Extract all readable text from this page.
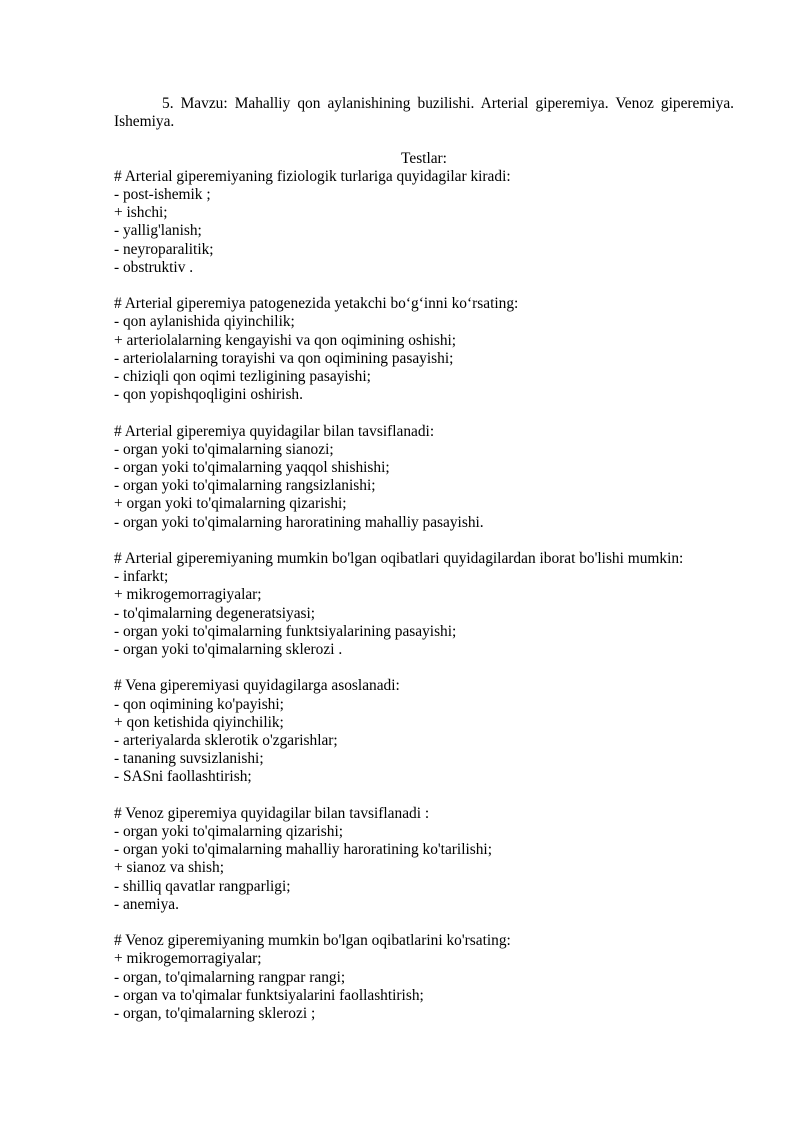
5. Mavzu: Mahalliy qon aylanishining buzilishi. Arterial giperemiya. Venoz giperemiya. Ishemiya.

Testlar:

# Arterial giperemiyaning fiziologik turlariga quyidagilar kiradi:
- post-ishemik ;
+ ishchi;
- yallig'lanish;
- neyroparalitik;
- obstruktiv .
# Arterial giperemiya patogenezida yetakchi bo‘g‘inni ko‘rsating:
- qon aylanishida qiyinchilik;
+ arteriolalarning kengayishi va qon oqimining oshishi;
- arteriolalarning torayishi va qon oqimining pasayishi;
- chiziqli qon oqimi tezligining pasayishi;
- qon yopishqoqligini oshirish.
# Arterial giperemiya quyidagilar bilan tavsiflanadi:
- organ yoki to'qimalarning sianozi;
- organ yoki to'qimalarning yaqqol shishishi;
- organ yoki to'qimalarning rangsizlanishi;
+ organ yoki to'qimalarning qizarishi;
- organ yoki to'qimalarning haroratining mahalliy pasayishi.
# Arterial giperemiyaning mumkin bo'lgan oqibatlari quyidagilardan iborat bo'lishi mumkin:
- infarkt;
+ mikrogemorragiyalar;
- to'qimalarning degeneratsiyasi;
- organ yoki to'qimalarning funktsiyalarining pasayishi;
- organ yoki to'qimalarning sklerozi .
# Vena giperemiyasi quyidagilarga asoslanadi:
- qon oqimining ko'payishi;
+ qon ketishida qiyinchilik;
- arteriyalarda sklerotik o'zgarishlar;
- tananing suvsizlanishi;
- SASni faollashtirish;
# Venoz giperemiya quyidagilar bilan tavsiflanadi :
- organ yoki to'qimalarning qizarishi;
- organ yoki to'qimalarning mahalliy haroratining ko'tarilishi;
+ sianoz va shish;
- shilliq qavatlar rangparligi;
- anemiya.
# Venoz giperemiyaning mumkin bo'lgan oqibatlarini ko'rsating:
+ mikrogemorragiyalar;
- organ, to'qimalarning rangpar rangi;
- organ va to'qimalar funktsiyalarini faollashtirish;
- organ, to'qimalarning sklerozi ;
